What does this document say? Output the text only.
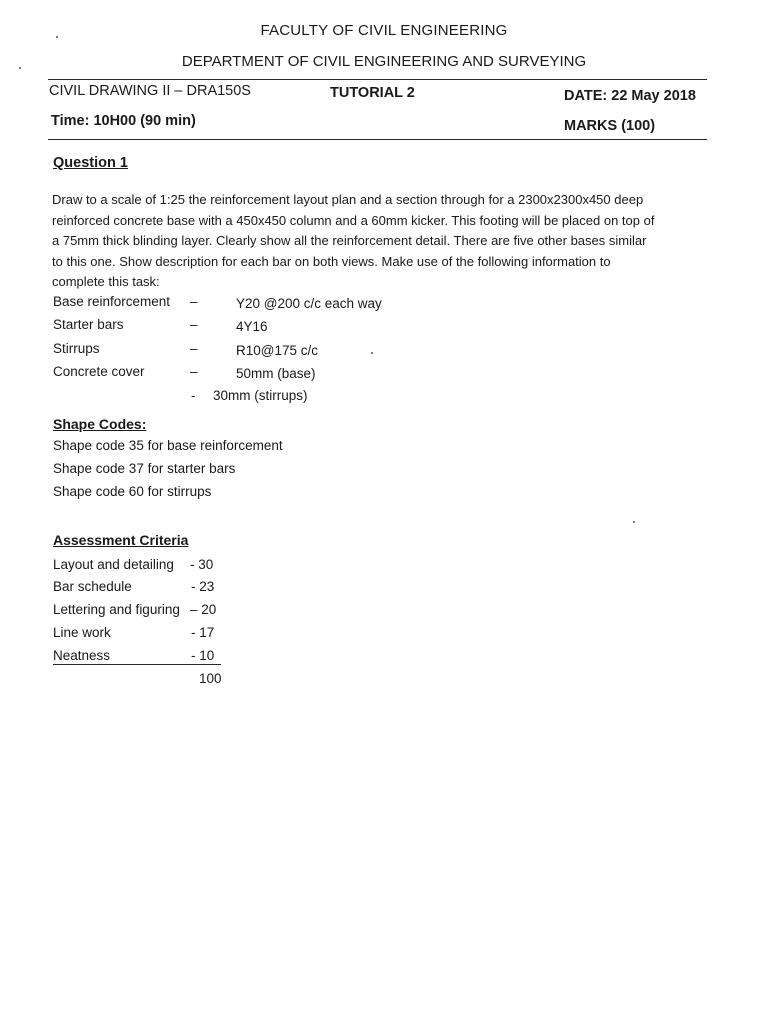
FACULTY OF CIVIL ENGINEERING
DEPARTMENT OF CIVIL ENGINEERING AND SURVEYING
CIVIL DRAWING II – DRA150S	TUTORIAL 2	DATE: 22 May 2018
Time: 10H00 (90 min)	MARKS (100)
Question 1

Draw to a scale of 1:25 the reinforcement layout plan and a section through for a 2300x2300x450 deep

reinforced concrete base with a 450x450 column and a 60mm kicker. This footing will be placed on top of

a 75mm thick blinding layer. Clearly show all the reinforcement detail. There are five other bases similar

to this one. Show description for each bar on both views. Make use of the following information to

complete this task:

Base reinforcement –	Y20 @200 c/c each way
Starter bars	–	4Y16
Stirrups	–	R10@175 c/c
Concrete cover	–	50mm (base)
- 30mm (stirrups)
Shape Codes:
Shape code 35 for base reinforcement
Shape code 37 for starter bars
Shape code 60 for stirrups
Assessment Criteria
Layout and detailing - 30
Bar schedule	- 23
Lettering and figuring – 20
Line work	- 17
Neatness	- 10
100
